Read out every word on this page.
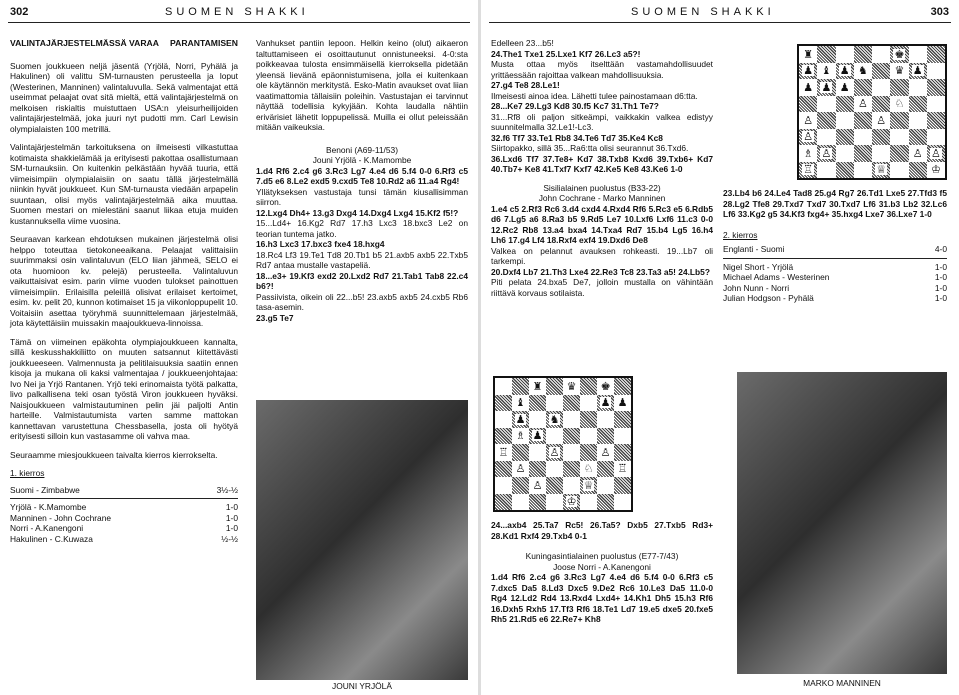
302	SUOMEN SHAKKI
VALINTAJÄRJESTELMÄSSÄ VARAA PARANTAMISEN

Suomen joukkueen neljä jäsentä (Yrjölä, Norri, Pyhälä ja Hakulinen) oli valittu SM-turnausten perusteella ja loput (Westerinen, Manninen) valintaluvulla. Sekä valmentajat että useimmat pelaajat ovat sitä mieltä, että valintajärjestelmä on melkoisen riskialtis muistuttaen USA:n yleisurheilijoiden valintajärjestelmää, joka juuri nyt pudotti mm. Carl Lewisin olympialaisten 100 metrillä.

Valintajärjestelmän tarkoituksena on ilmeisesti vilkastuttaa kotimaista shakkielämää ja erityisesti pakottaa osallistumaan SM-turnauksiin. On kuitenkin pelkästään hyvää tuuria, että viimeisimpiin olympialaisiin on saatu tällä järjestelmällä niinkin hyvät joukkueet. Kun SM-turnausta viedään arpapelin suuntaan, olisi myös valintajärjestelmää aika muuttaa. Suomen mestari on mielestäni saanut liikaa etuja muiden kustannuksella viime vuosina.

Seuraavan karkean ehdotuksen mukainen järjestelmä olisi helppo toteuttaa tietokoneeaikana. Pelaajat valittaisiin suurimmaksi osin valintaluvun (ELO liian jähmeä, SELO ei ota huomioon kv. pelejä) perusteella. Valintaluvun vaikuttaisivat esim. parin viime vuoden tulokset painottuen viimeisimpiin. Erilaisilla peleillä olisivat erilaiset kertoimet, esim. kv. pelit 20, kunnon kotimaiset 15 ja viikonloppupelit 10. Voitaisiin asettaa työryhmä suunnittelemaan järjestelmää, jota käytettäisiin muissakin maajoukkueva-linnoissa.

Tämä on viimeinen epäkohta olympiajoukkueen kannalta, sillä keskusshakkiliitto on muuten satsannut kiitettävästi joukkueeseen. Valmennusta ja pelitilaisuuksia saatiin ennen kisoja ja mukana oli kaksi valmentajaa / joukkueenjohtajaa: Ivo Nei ja Yrjö Rantanen. Yrjö teki erinomaista työtä palkatta, livo palkallisena teki osan työstä Viron joukkueen hyväksi. Naisjoukkueen valmistautuminen pelin jäi paljolti Antin harteille. Valmistautumista varten samme mattokan kannettavan varustettuna Chessbasella, josta oli hyötyä erityisesti silloin kun vastasamme oli vahva maa.

Seuraamme miesjoukkueen taivalta kierros kierrokselta.

1. kierros
Suomi - Zimbabwe	3½-½
Yrjölä - K.Mamombe	1-0
Manninen - John Cochrane	1-0
Norri - A.Kanengoni	1-0
Hakulinen - C.Kuwaza	½-½

Vanhukset pantiin lepoon. Helkin keino (olut) aikaeron taltuttamiseen ei osoittautunut onnistuneeksi. 4-0:sta poikkeavaa tulosta ensimmäisellä kierroksella pidetään yleensä lievänä epäonnistumisena, jolla ei kuitenkaan ole käytännön merkitystä. Esko-Matin avaukset ovat liian vaatimattomia tällaisiin poleihin. Vastustajan ei tarvinnut näyttää todellisia kykyjään. Kohta laudalla nähtiin erivärisiet lähetit loppupelissä. Muilla ei ollut peleissään mitään vaikeuksia.

Benoni (A69-11/53)
Jouni Yrjölä - K.Mamombe
1.d4 Rf6 2.c4 g6 3.Rc3 Lg7 4.e4 d6 5.f4 0-0 6.Rf3 c5 7.d5 e6 8.Le2 exd5 9.cxd5 Te8 10.Rd2 a6 11.a4 Rg4!
Yllätykseksen vastustaja tunsi tämän kiusallisimman siirron.
12.Lxg4 Dh4+ 13.g3 Dxg4 14.Dxg4 Lxg4 15.Kf2 f5!?
15...Ld4+ 16.Kg2 Rd7 17.h3 Lxc3 18.bxc3 Le2 on teorian tuntema jatko.
16.h3 Lxc3 17.bxc3 fxe4 18.hxg4
18.Rc4 Lf3 19.Te1 Td8 20.Tb1 b5 21.axb5 axb5 22.Txb5 Rd7 antaa mustalle vastapeliä.
18...e3+ 19.Kf3 exd2 20.Lxd2 Rd7 21.Tab1 Tab8 22.c4 b6?!
Passiivista, oikein oli 22...b5! 23.axb5 axb5 24.cxb5 Rb6 tasa-asemin.
23.g5 Te7
JOUNI YRJÖLÄ
SUOMEN SHAKKI	303
Edelleen 23...b5!
24.The1 Txe1 25.Lxe1 Kf7 26.Lc3 a5?!
Musta ottaa myös itselttään vastamahdollisuudet yrittäessään rajoittaa valkean mahdollisuuksia.
27.g4 Te8 28.Le1!
Ilmeisesti ainoa idea. Lähetti tulee painostamaan d6:tta.
28...Ke7 29.Lg3 Kd8 30.f5 Kc7 31.Th1 Te7?
31...Rf8 oli paljon sitkeämpi, vaikkakin valkea edistyy suunnitelmalla 32.Le1!-Lc3.
32.f6 Tf7 33.Te1 Rb8 34.Te6 Td7 35.Ke4 Kc8
Siirtopakko, sillä 35...Ra6:tta olisi seurannut 36.Txd6.
36.Lxd6 Tf7 37.Te8+ Kd7 38.Txb8 Kxd6 39.Txb6+ Kd7 40.Tb7+ Ke8 41.Txf7 Kxf7 42.Ke5 Ke8 43.Ke6 1-0
Sisilialainen puolustus (B33-22)
John Cochrane - Marko Manninen
1.e4 c5 2.Rf3 Rc6 3.d4 cxd4 4.Rxd4 Rf6 5.Rc3 e5 6.Rdb5 d6 7.Lg5 a6 8.Ra3 b5 9.Rd5 Le7 10.Lxf6 Lxf6 11.c3 0-0 12.Rc2 Rb8 13.a4 bxa4 14.Txa4 Rd7 15.b4 Lg5 16.h4 Lh6 17.g4 Lf4 18.Rxf4 exf4 19.Dxd6 De8
Valkea on pelannut avauksen rohkeasti. 19...Lb7 oli tarkempi.
20.Dxf4 Lb7 21.Th3 Lxe4 22.Re3 Tc8 23.Ta3 a5! 24.Lb5?
Piti pelata 24.bxa5 De7, jolloin mustalla on vähintään riittävä korvaus sotilaista.
♜ ♛ ♚
♝	♟ ♟
♟ ♞
♗ ♟
♖	♙	♙
♙	♘ ♖
♙	♕
♔
24...axb4 25.Ta7 Rc5! 26.Ta5? Dxb5 27.Txb5 Rd3+ 28.Kd1 Rxf4 29.Txb4 0-1
Kuningasintialainen puolustus (E77-7/43)
Joose Norri - A.Kanengoni
1.d4 Rf6 2.c4 g6 3.Rc3 Lg7 4.e4 d6 5.f4 0-0 6.Rf3 c5 7.dxc5 Da5 8.Ld3 Dxc5 9.De2 Rc6 10.Le3 Da5 11.0-0 Rg4 12.Ld2 Rd4 13.Rxd4 Lxd4+ 14.Kh1 Dh5 15.h3 Rf6 16.Dxh5 Rxh5 17.Tf3 Rf6 18.Te1 Ld7 19.e5 dxe5 20.fxe5 Rh5 21.Rd5 e6 22.Re7+ Kh8
♜	♚
♟ ♝ ♟ ♞ ♛ ♟
♟ ♟ ♟
♙ ♘
♙	♙
♙
♗ ♙	♙ ♙
♖	♕	♔
23.Lb4 b6 24.Le4 Tad8 25.g4 Rg7 26.Td1 Lxe5 27.Tfd3 f5 28.Lg2 Tfe8 29.Txd7 Txd7 30.Txd7 Lf6 31.b3 Lb2 32.Lc6 Lf6 33.Kg2 g5 34.Kf3 fxg4+ 35.hxg4 Lxe7 36.Lxe7 1-0
2. kierros
Englanti - Suomi	4-0
Nigel Short - Yrjölä	1-0
Michael Adams - Westerinen	1-0
John Nunn - Norri	1-0
Julian Hodgson - Pyhälä	1-0
MARKO MANNINEN
